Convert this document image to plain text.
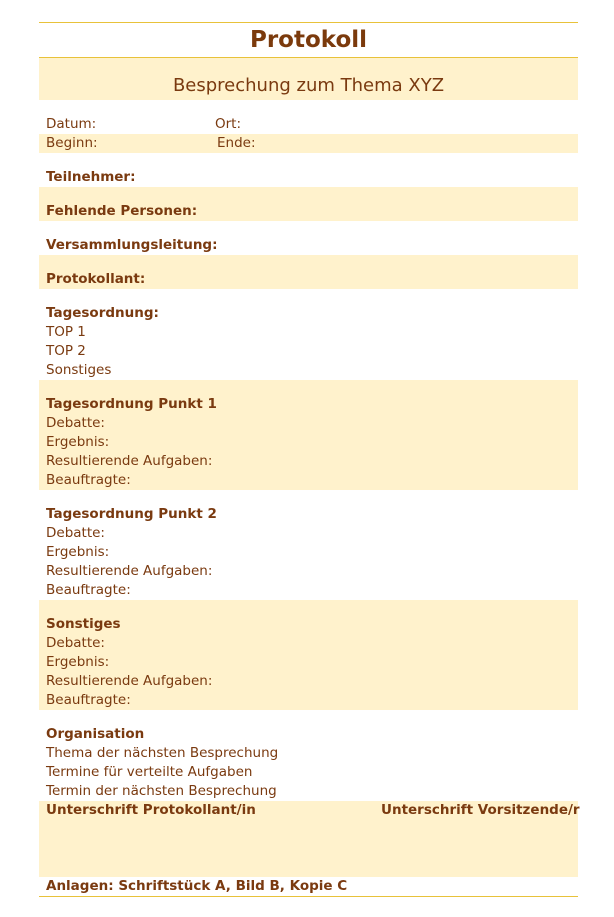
Protokoll
Besprechung zum Thema XYZ
Datum:	Ort:
Beginn:	Ende:
Teilnehmer:
Fehlende Personen:
Versammlungsleitung:
Protokollant:
Tagesordnung:
TOP 1
TOP 2
Sonstiges
Tagesordnung Punkt 1
Debatte:
Ergebnis:
Resultierende Aufgaben:
Beauftragte:
Tagesordnung Punkt 2
Debatte:
Ergebnis:
Resultierende Aufgaben:
Beauftragte:
Sonstiges
Debatte:
Ergebnis:
Resultierende Aufgaben:
Beauftragte:
Organisation
Thema der nächsten Besprechung
Termine für verteilte Aufgaben
Termin der nächsten Besprechung
Unterschrift Protokollant/in	Unterschrift Vorsitzende/r
Anlagen: Schriftstück A, Bild B, Kopie C
